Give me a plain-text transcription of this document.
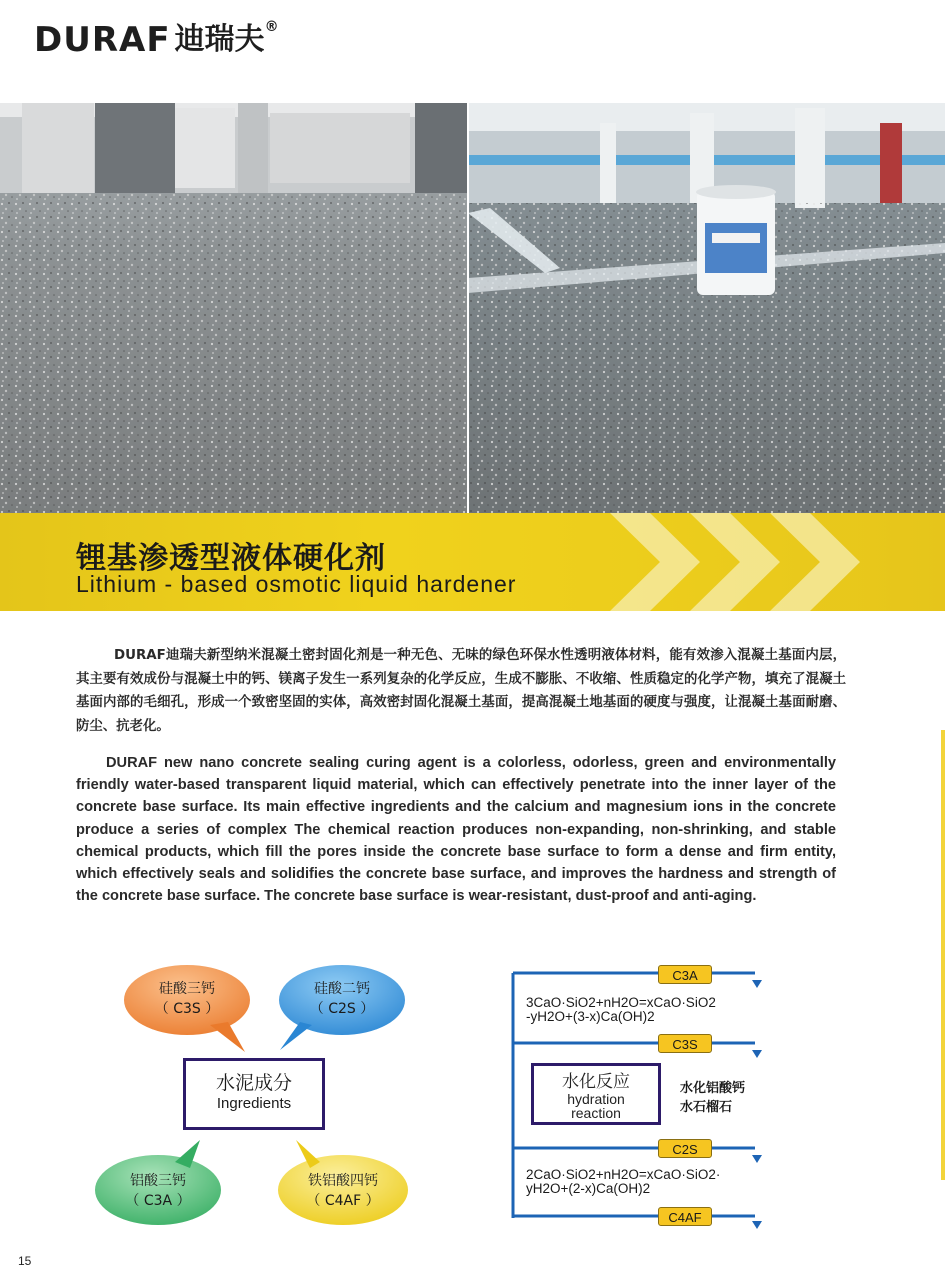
DURAF 迪瑞夫 ®
锂基渗透型液体硬化剂
Lithium - based osmotic liquid hardener

DURAF迪瑞夫新型纳米混凝土密封固化剂是一种无色、无味的绿色环保水性透明液体材料，能有效渗入混凝土基面内层，其主要有效成份与混凝土中的钙、镁离子发生一系列复杂的化学反应，生成不膨胀、不收缩、性质稳定的化学产物，填充了混凝土基面内部的毛细孔，形成一个致密坚固的实体，高效密封固化混凝土基面，提高混凝土地基面的硬度与强度，让混凝土基面耐磨、防尘、抗老化。

DURAF new nano concrete sealing curing agent is a colorless, odorless, green and environmentally friendly water-based transparent liquid material, which can effectively penetrate into the inner layer of the concrete base surface. Its main effective ingredients and the calcium and magnesium ions in the concrete produce a series of complex The chemical reaction produces non-expanding, non-shrinking, and stable chemical products, which fill the pores inside the concrete base surface to form a dense and firm entity, which effectively seals and solidifies the concrete base surface, and improves the hardness and strength of the concrete base surface. The concrete base surface is wear-resistant, dust-proof and anti-aging.

硅酸三钙
（ C3S ）
硅酸二钙
（ C2S ）
铝酸三钙
（ C3A ）
铁铝酸四钙
（ C4AF ）
水泥成分
Ingredients
C3A
3CaO·SiO2+nH2O=xCaO·SiO2
-yH2O+(3-x)Ca(OH)2
C3S
水化反应
hydration
reaction
水化铝酸钙
水石榴石
C2S
2CaO·SiO2+nH2O=xCaO·SiO2·
yH2O+(2-x)Ca(OH)2
C4AF
15
